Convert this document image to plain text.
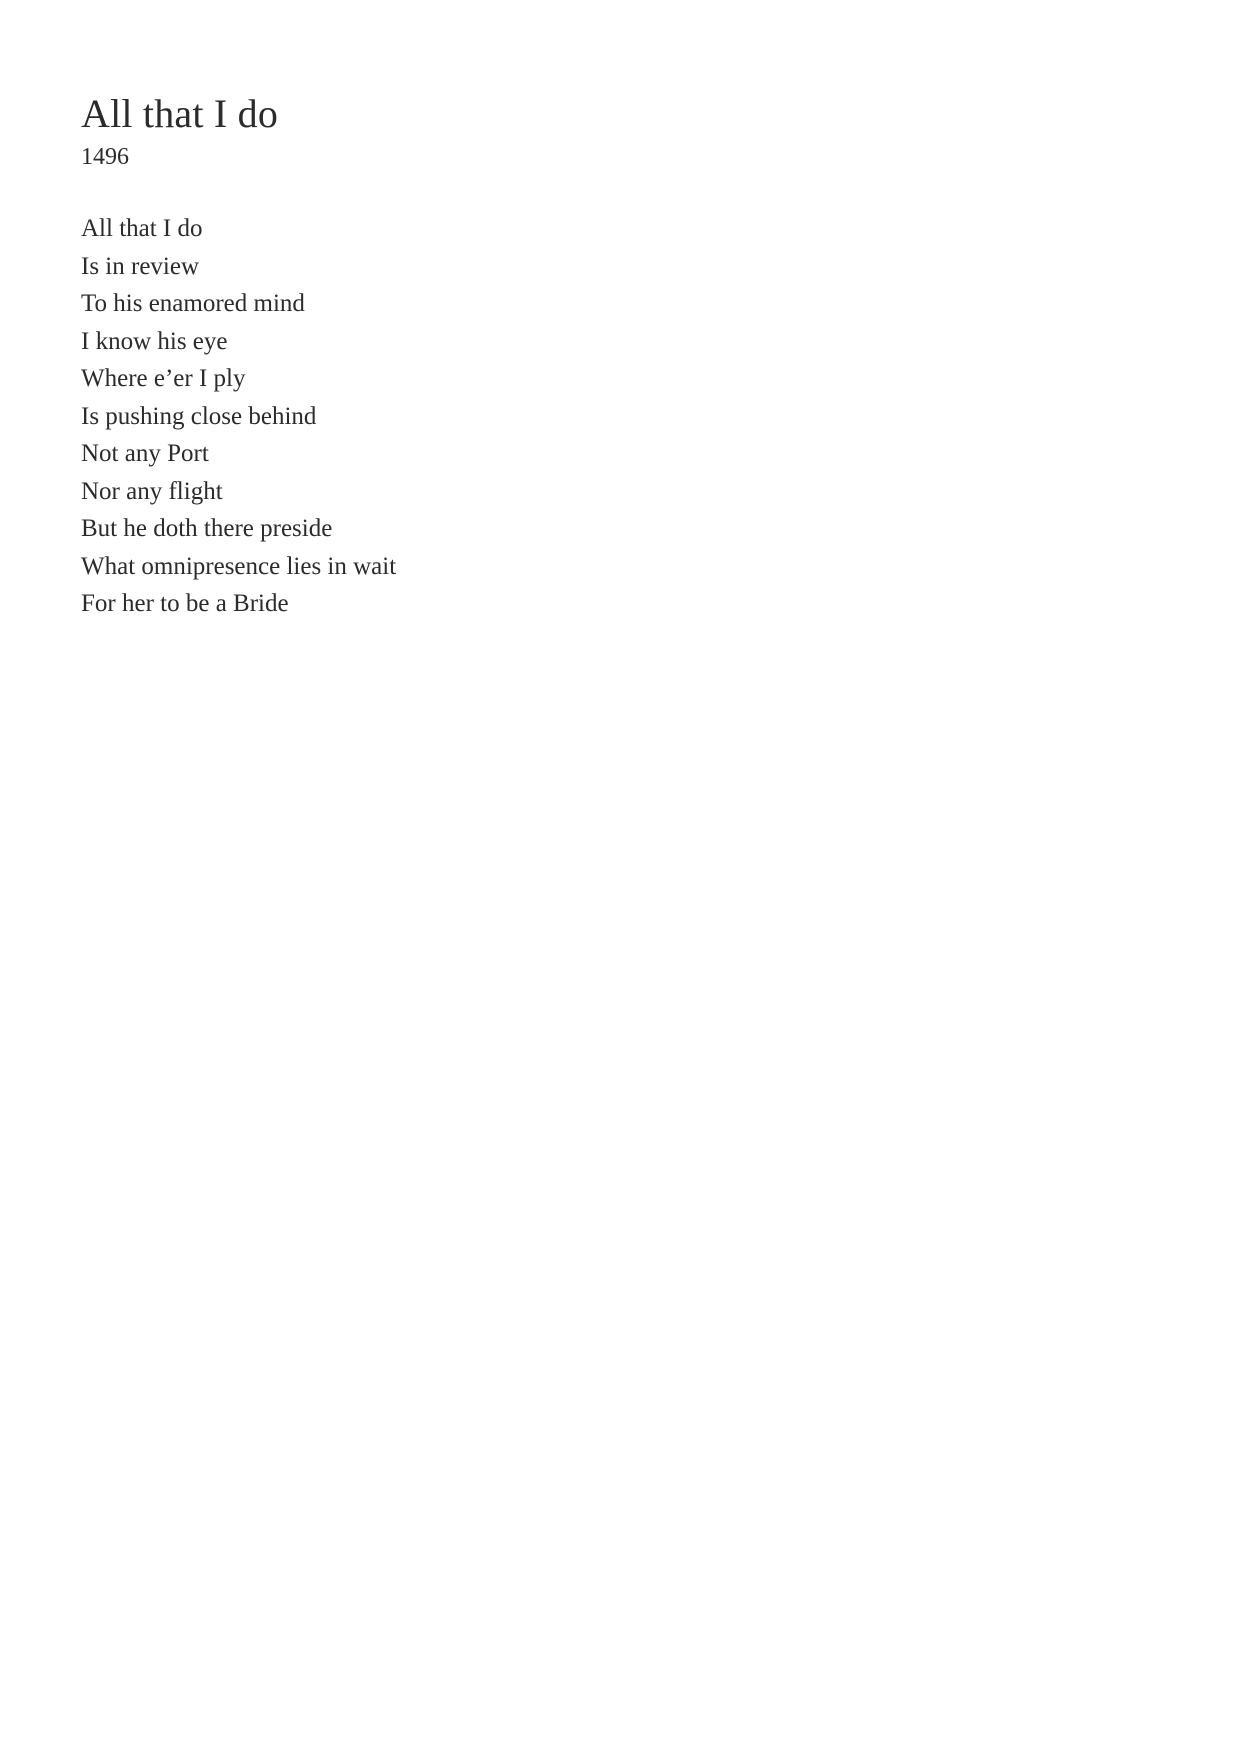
All that I do
1496
All that I do
Is in review
To his enamored mind
I know his eye
Where e’er I ply
Is pushing close behind
Not any Port
Nor any flight
But he doth there preside
What omnipresence lies in wait
For her to be a Bride
